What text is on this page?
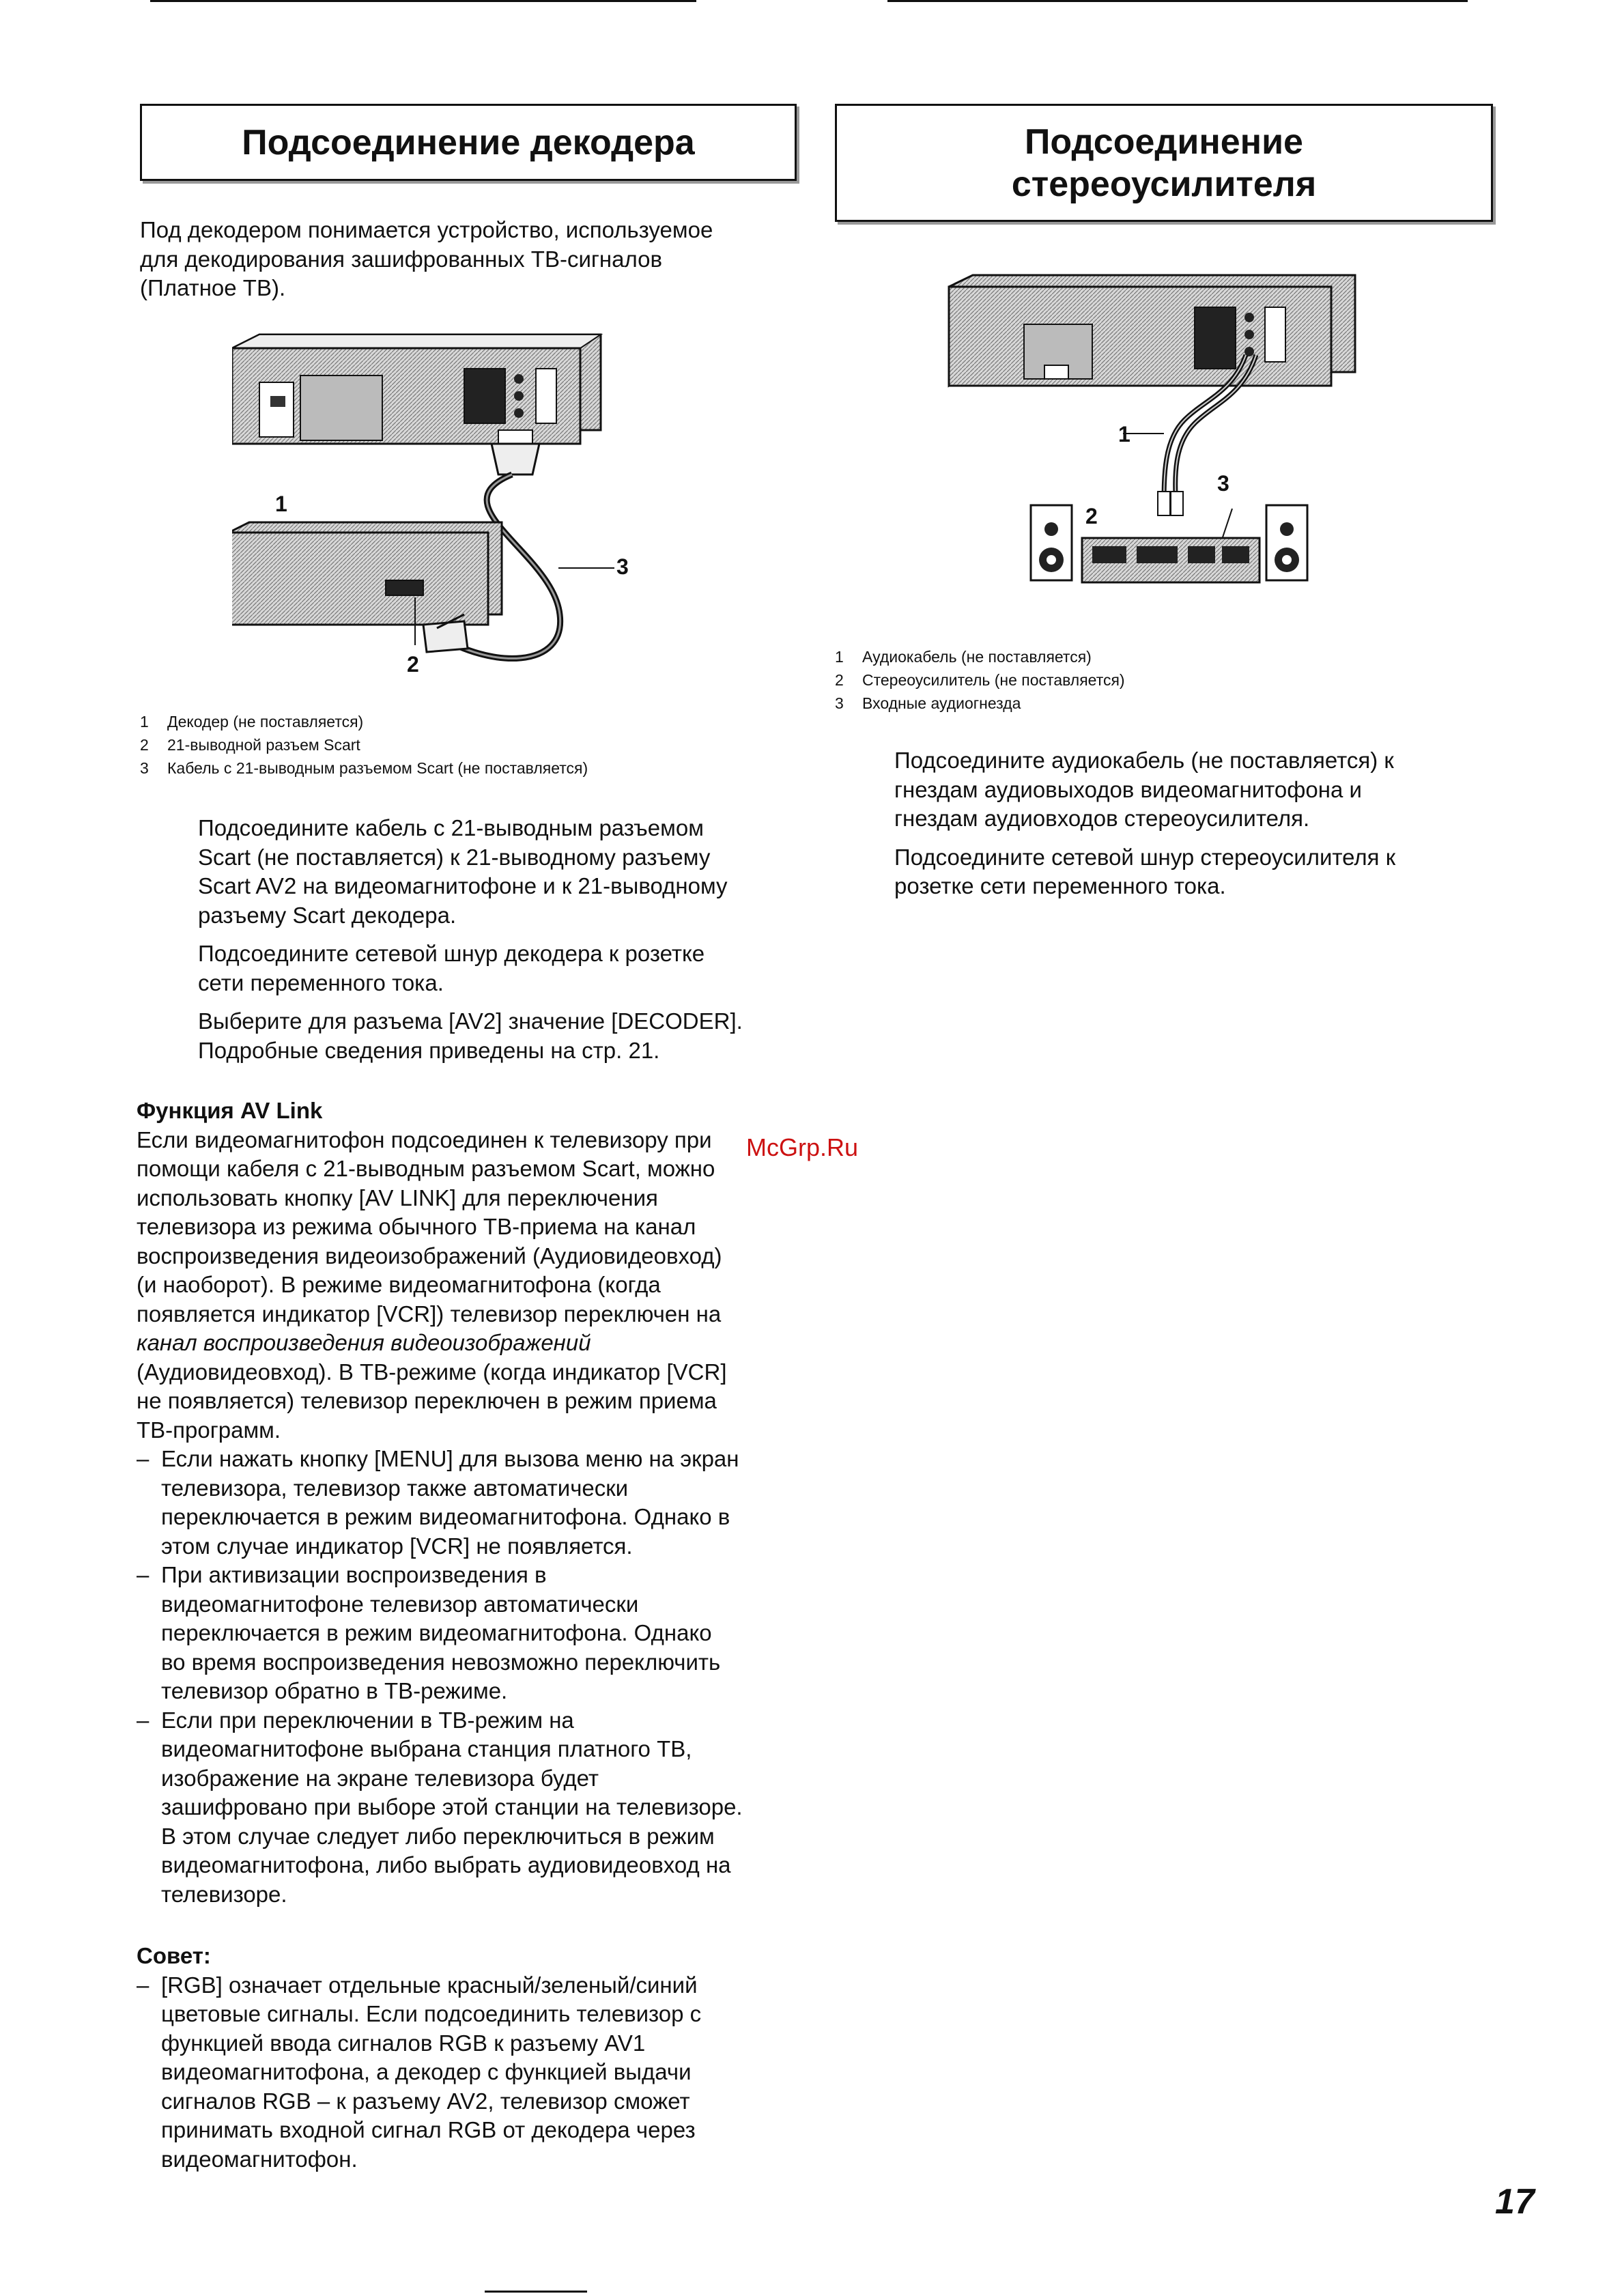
Подсоединение декодера	Подсоединение
стереоусилителя
Под декодером понимается устройство, используемое
для декодирования зашифрованных ТВ-сигналов
(Платное ТВ).
1
2
3
1	Декодер (не поставляется)
2	21-выводной разъем Scart
3	Кабель с 21-выводным разъемом Scart (не поставляется)
Подсоедините кабель с 21-выводным разъемом
Scart (не поставляется) к 21-выводному разъему
Scart AV2 на видеомагнитофоне и к 21-выводному
разъему Scart декодера.
Подсоедините сетевой шнур декодера к розетке
сети переменного тока.
Выберите для разъема [AV2] значение [DECODER].
Подробные сведения приведены на стр. 21.
Функция AV Link
Если видеомагнитофон подсоединен к телевизору при
помощи кабеля с 21-выводным разъемом Scart, можно
использовать кнопку [AV LINK] для переключения
телевизора из режима обычного ТВ-приема на канал
воспроизведения видеоизображений (Аудиовидеовход)
(и наоборот). В режиме видеомагнитофона (когда
появляется индикатор [VCR]) телевизор переключен на
канал воспроизведения видеоизображений
(Аудиовидеовход). В ТВ-режиме (когда индикатор [VCR]
не появляется) телевизор переключен в режим приема
ТВ-программ.
– Если нажать кнопку [MENU] для вызова меню на экран
телевизора, телевизор также автоматически
переключается в режим видеомагнитофона. Однако в
этом случае индикатор [VCR] не появляется.
– При активизации воспроизведения в
видеомагнитофоне телевизор автоматически
переключается в режим видеомагнитофона. Однако
во время воспроизведения невозможно переключить
телевизор обратно в ТВ-режиме.
– Если при переключении в ТВ-режим на
видеомагнитофоне выбрана станция платного ТВ,
изображение на экране телевизора будет
зашифровано при выборе этой станции на телевизоре.
В этом случае следует либо переключиться в режим
видеомагнитофона, либо выбрать аудиовидеовход на
телевизоре.
Совет:
– [RGB] означает отдельные красный/зеленый/синий
цветовые сигналы. Если подсоединить телевизор с
функцией ввода сигналов RGB к разъему AV1
видеомагнитофона, а декодер с функцией выдачи
сигналов RGB – к разъему AV2, телевизор сможет
принимать входной сигнал RGB от декодера через
видеомагнитофон.
1
2
3
1	Аудиокабель (не поставляется)
2	Стереоусилитель (не поставляется)
3	Входные аудиогнезда
Подсоедините аудиокабель (не поставляется) к
гнездам аудиовыходов видеомагнитофона и
гнездам аудиовходов стереоусилителя.
Подсоедините сетевой шнур стереоусилителя к
розетке сети переменного тока.
McGrp.Ru
17
